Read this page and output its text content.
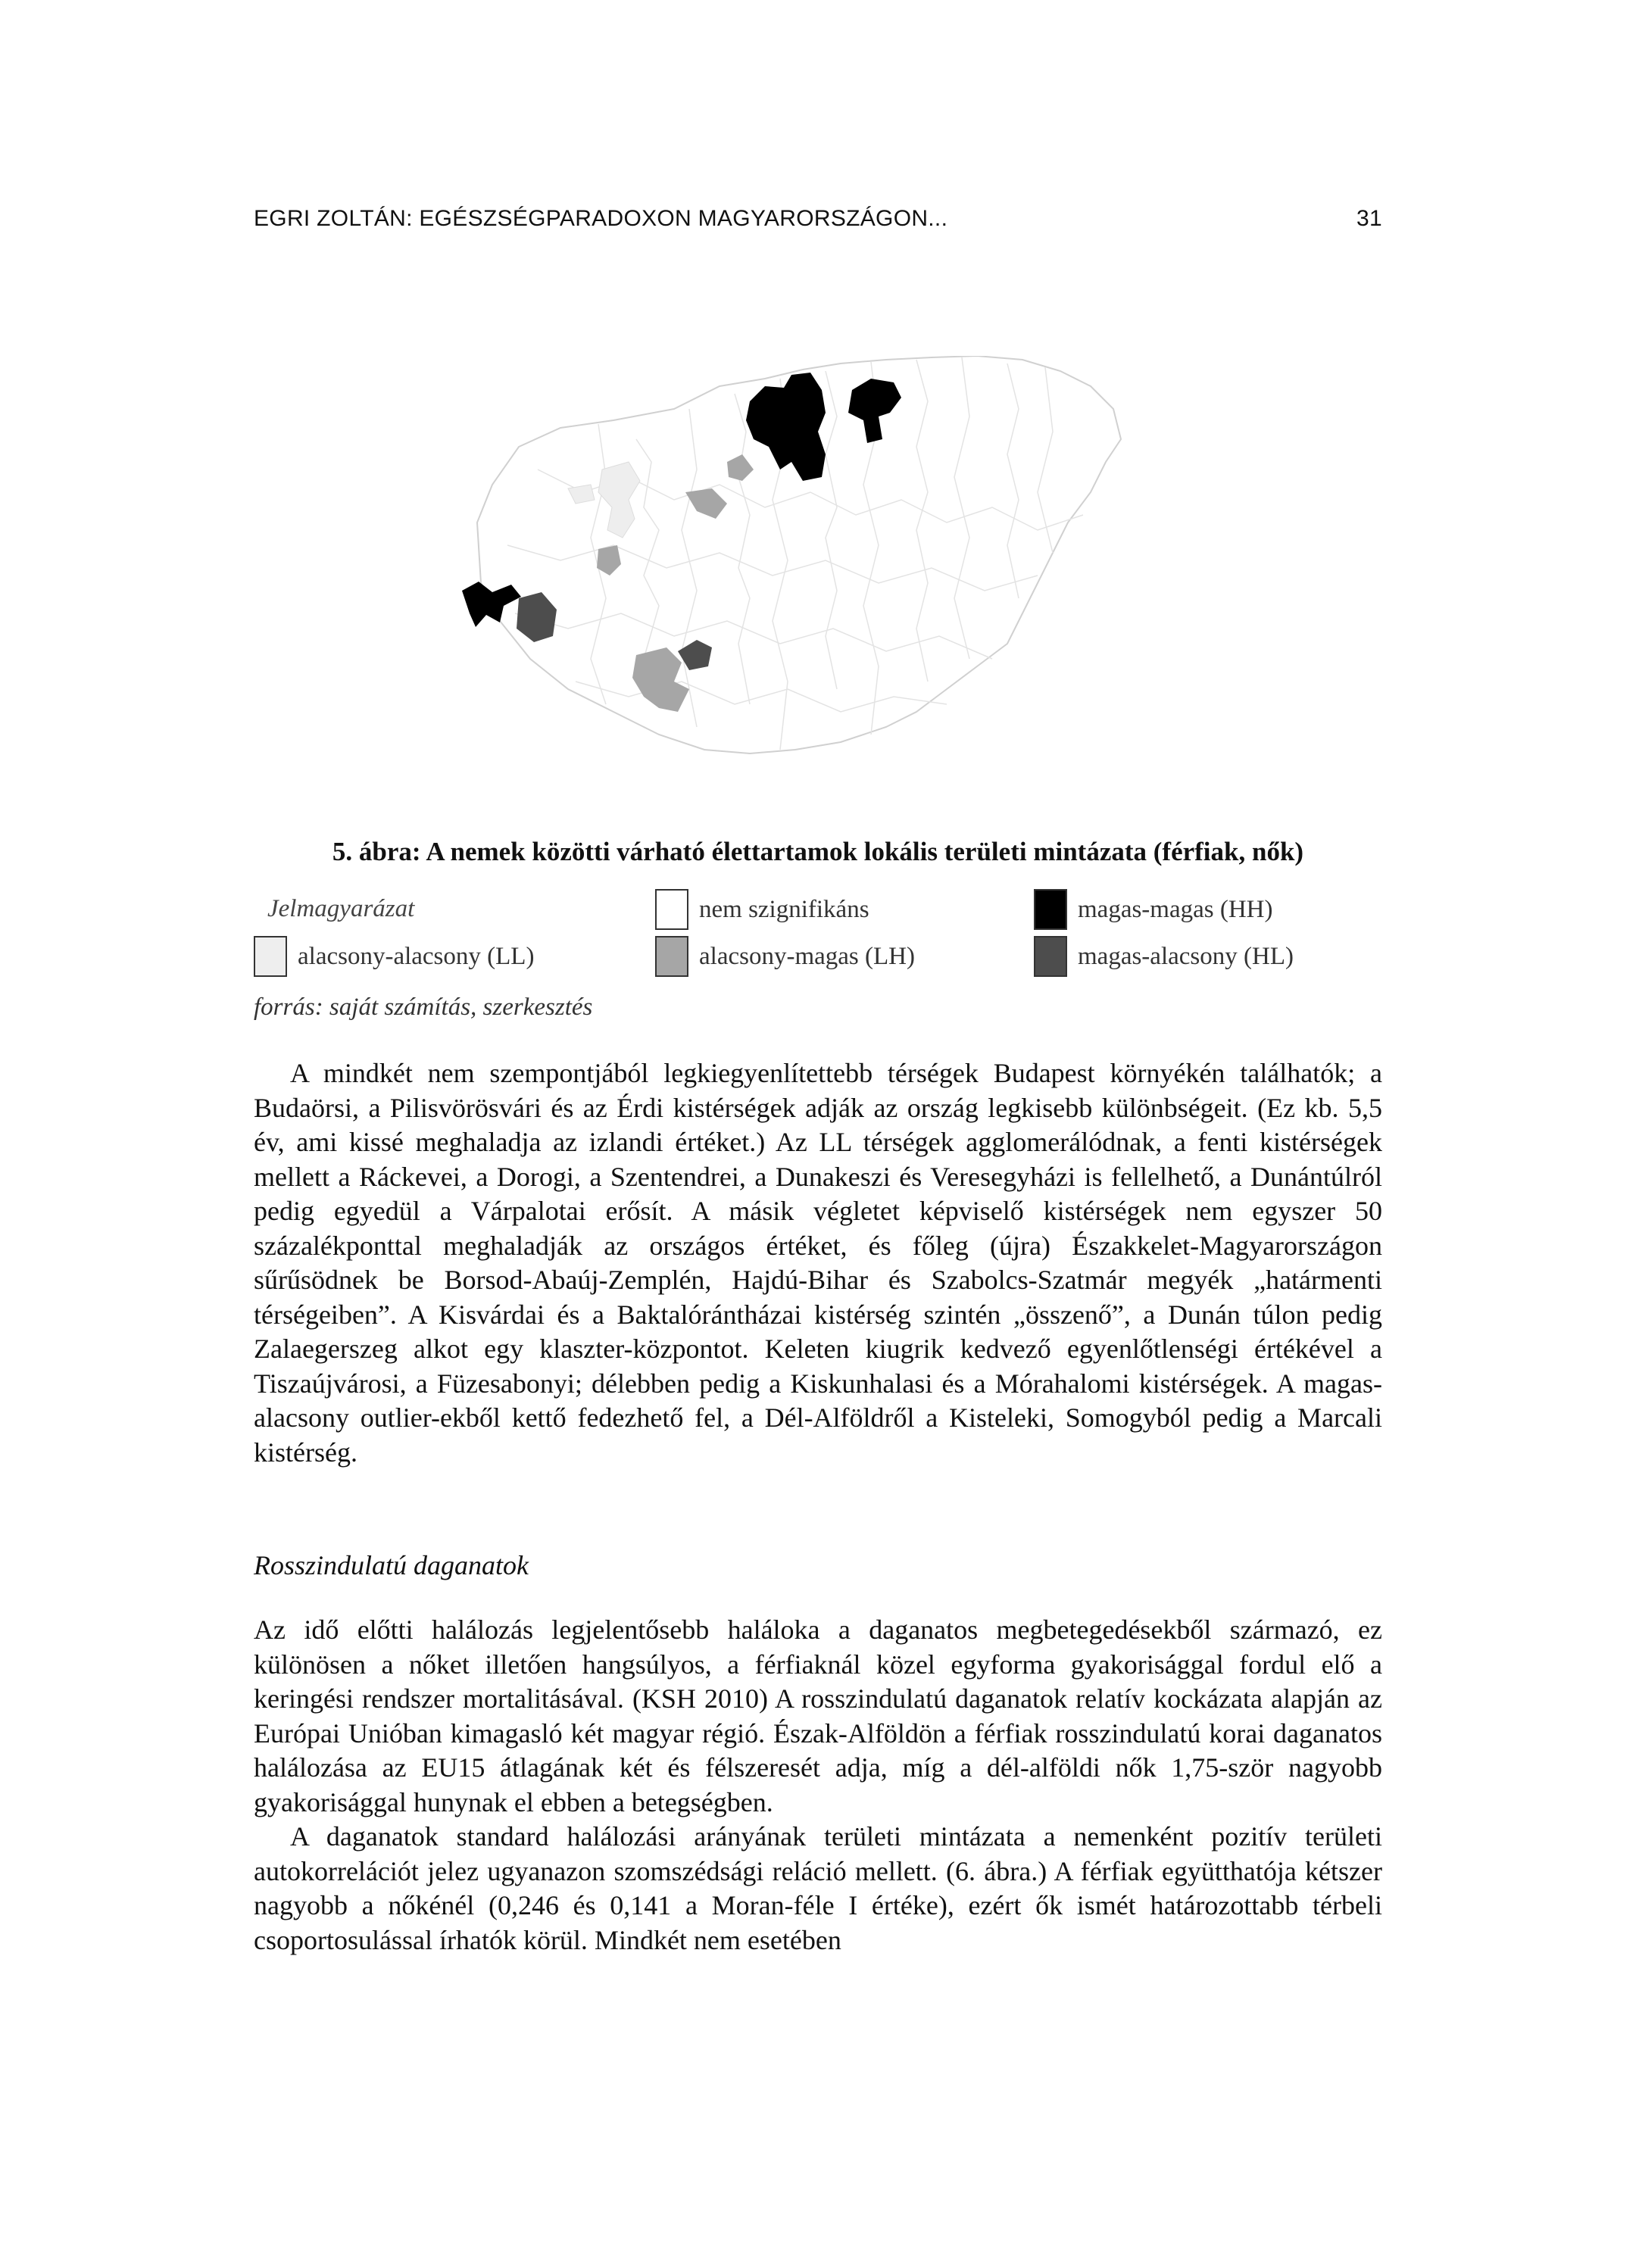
EGRI ZOLTÁN: EGÉSZSÉGPARADOXON MAGYARORSZÁGON...	31
5. ábra: A nemek közötti várható élettartamok lokális területi mintázata (férfiak, nők)
Jelmagyarázat	nem szignifikáns	magas-magas (HH)
alacsony-alacsony (LL)	alacsony-magas (LH)	magas-alacsony (HL)
forrás: saját számítás, szerkesztés

A mindkét nem szempontjából legkiegyenlítettebb térségek Budapest környékén találhatók; a Budaörsi, a Pilisvörösvári és az Érdi kistérségek adják az ország legkisebb különbségeit. (Ez kb. 5,5 év, ami kissé meghaladja az izlandi értéket.) Az LL térségek agglomerálódnak, a fenti kistérségek mellett a Ráckevei, a Dorogi, a Szentendrei, a Dunakeszi és Veresegyházi is fellelhető, a Dunántúlról pedig egyedül a Várpalotai erősít. A másik végletet képviselő kistérségek nem egyszer 50 százalékponttal meghaladják az országos értéket, és főleg (újra) Északkelet-Magyarországon sűrűsödnek be Borsod-Abaúj-Zemplén, Hajdú-Bihar és Szabolcs-Szatmár megyék „határmenti térségeiben”. A Kisvárdai és a Baktalórántházai kistérség szintén „összenő”, a Dunán túlon pedig Zalaegerszeg alkot egy klaszter-központot. Keleten kiugrik kedvező egyenlőtlenségi értékével a Tiszaújvárosi, a Füzesabonyi; délebben pedig a Kiskunhalasi és a Mórahalomi kistérségek. A magas-alacsony outlier-ekből kettő fedezhető fel, a Dél-Alföldről a Kisteleki, Somogyból pedig a Marcali kistérség.

Rosszindulatú daganatok

Az idő előtti halálozás legjelentősebb haláloka a daganatos megbetegedésekből származó, ez különösen a nőket illetően hangsúlyos, a férfiaknál közel egyforma gyakorisággal fordul elő a keringési rendszer mortalitásával. (KSH 2010) A rosszindulatú daganatok relatív kockázata alapján az Európai Unióban kimagasló két magyar régió. Észak-Alföldön a férfiak rosszindulatú korai daganatos halálozása az EU15 átlagának két és félszeresét adja, míg a dél-alföldi nők 1,75-ször nagyobb gyakorisággal hunynak el ebben a betegségben.

A daganatok standard halálozási arányának területi mintázata a nemenként pozitív területi autokorrelációt jelez ugyanazon szomszédsági reláció mellett. (6. ábra.) A férfiak együtthatója kétszer nagyobb a nőkénél (0,246 és 0,141 a Moran-féle I értéke), ezért ők ismét határozottabb térbeli csoportosulással írhatók körül. Mindkét nem esetében
